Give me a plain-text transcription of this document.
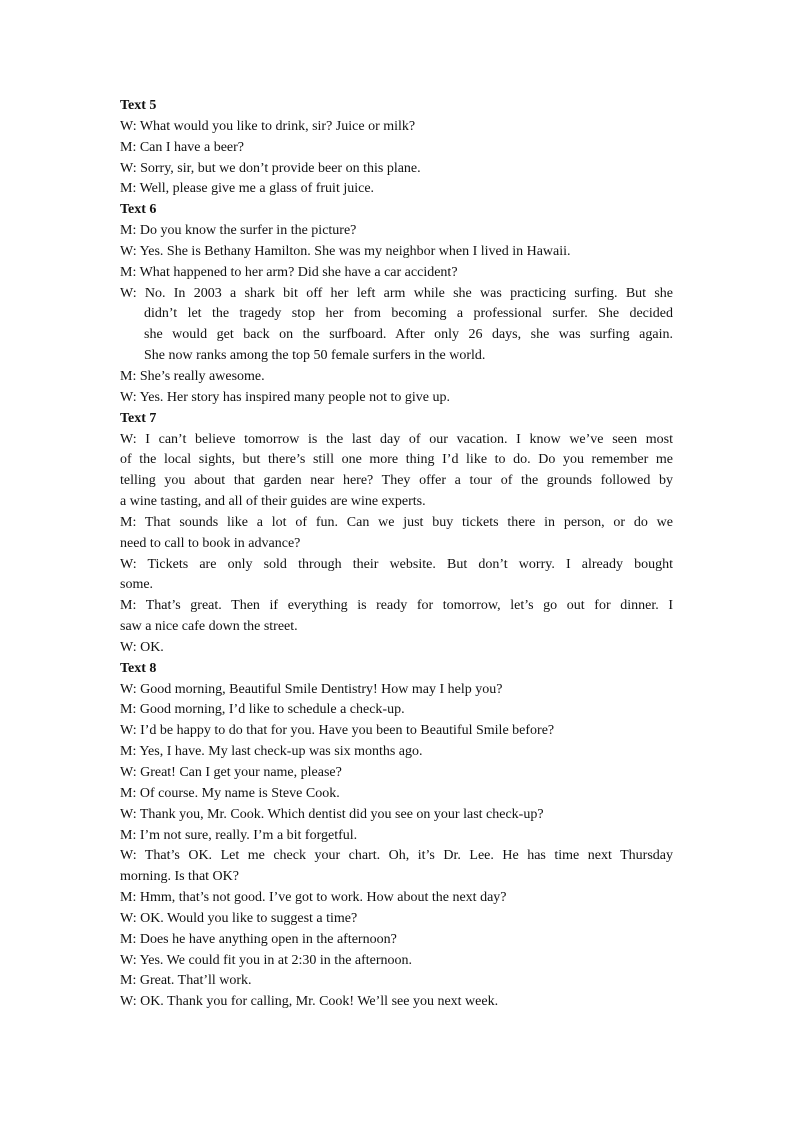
Text 5
W: What would you like to drink, sir? Juice or milk?
M: Can I have a beer?
W: Sorry, sir, but we don’t provide beer on this plane.
M: Well, please give me a glass of fruit juice.
Text 6
M: Do you know the surfer in the picture?
W: Yes. She is Bethany Hamilton. She was my neighbor when I lived in Hawaii.
M: What happened to her arm? Did she have a car accident?
W: No. In 2003 a shark bit off her left arm while she was practicing surfing. But she
didn’t let the tragedy stop her from becoming a professional surfer. She decided
she would get back on the surfboard. After only 26 days, she was surfing again.
She now ranks among the top 50 female surfers in the world.
M: She’s really awesome.
W: Yes. Her story has inspired many people not to give up.
Text 7
W: I can’t believe tomorrow is the last day of our vacation. I know we’ve seen most
of the local sights, but there’s still one more thing I’d like to do. Do you remember me
telling you about that garden near here? They offer a tour of the grounds followed by
a wine tasting, and all of their guides are wine experts.
M: That sounds like a lot of fun. Can we just buy tickets there in person, or do we
need to call to book in advance?
W: Tickets are only sold through their website. But don’t worry. I already bought
some.
M: That’s great. Then if everything is ready for tomorrow, let’s go out for dinner. I
saw a nice cafe down the street.
W: OK.
Text 8
W: Good morning, Beautiful Smile Dentistry! How may I help you?
M: Good morning, I’d like to schedule a check-up.
W: I’d be happy to do that for you. Have you been to Beautiful Smile before?
M: Yes, I have. My last check-up was six months ago.
W: Great! Can I get your name, please?
M: Of course. My name is Steve Cook.
W: Thank you, Mr. Cook. Which dentist did you see on your last check-up?
M: I’m not sure, really. I’m a bit forgetful.
W: That’s OK. Let me check your chart. Oh, it’s Dr. Lee. He has time next Thursday
morning. Is that OK?
M: Hmm, that’s not good. I’ve got to work. How about the next day?
W: OK. Would you like to suggest a time?
M: Does he have anything open in the afternoon?
W: Yes. We could fit you in at 2:30 in the afternoon.
M: Great. That’ll work.
W: OK. Thank you for calling, Mr. Cook! We’ll see you next week.
